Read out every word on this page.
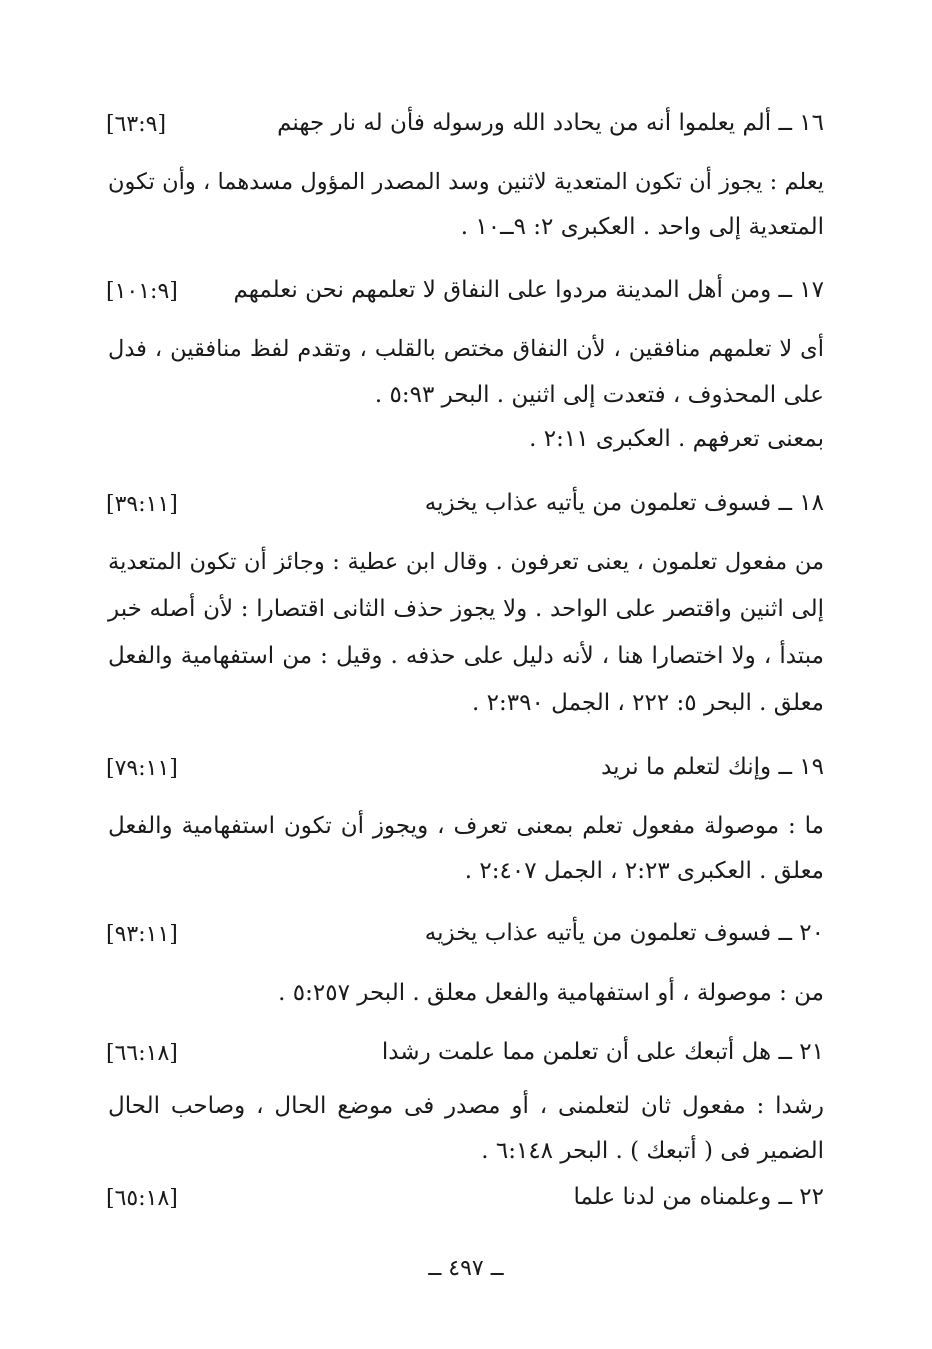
١٦ ــ ألم يعلموا أنه من يحادد الله ورسوله فأن له نار جهنم
[٦٣:٩]
يعلم : يجوز أن تكون المتعدية لاثنين وسد المصدر المؤول مسدهما ، وأن تكون
المتعدية إلى واحد . العكبرى ٢: ٩ــ١٠ .
١٧ ــ ومن أهل المدينة مردوا على النفاق لا تعلمهم نحن نعلمهم
[١٠١:٩]
أى لا تعلمهم منافقين ، لأن النفاق مختص بالقلب ، وتقدم لفظ منافقين ، فدل
على المحذوف ، فتعدت إلى اثنين . البحر ٥:٩٣ .
بمعنى تعرفهم . العكبرى ٢:١١ .
١٨ ــ فسوف تعلمون من يأتيه عذاب يخزيه
[٣٩:١١]
من مفعول تعلمون ، يعنى تعرفون . وقال ابن عطية : وجائز أن تكون المتعدية
إلى اثنين واقتصر على الواحد . ولا يجوز حذف الثانى اقتصارا : لأن أصله خبر
مبتدأ ، ولا اختصارا هنا ، لأنه دليل على حذفه . وقيل : من استفهامية والفعل
معلق . البحر ٥: ٢٢٢ ، الجمل ٢:٣٩٠ .
١٩ ــ وإنك لتعلم ما نريد
[٧٩:١١]
ما : موصولة مفعول تعلم بمعنى تعرف ، ويجوز أن تكون استفهامية والفعل
معلق . العكبرى ٢:٢٣ ، الجمل ٢:٤٠٧ .
٢٠ ــ فسوف تعلمون من يأتيه عذاب يخزيه
[٩٣:١١]
من : موصولة ، أو استفهامية والفعل معلق . البحر ٥:٢٥٧ .
٢١ ــ هل أتبعك على أن تعلمن مما علمت رشدا
[٦٦:١٨]
رشدا : مفعول ثان لتعلمنى ، أو مصدر فى موضع الحال ، وصاحب الحال
الضمير فى ( أتبعك ) . البحر ٦:١٤٨ .
٢٢ ــ وعلمناه من لدنا علما
[٦٥:١٨]
ــ ٤٩٧ ــ
